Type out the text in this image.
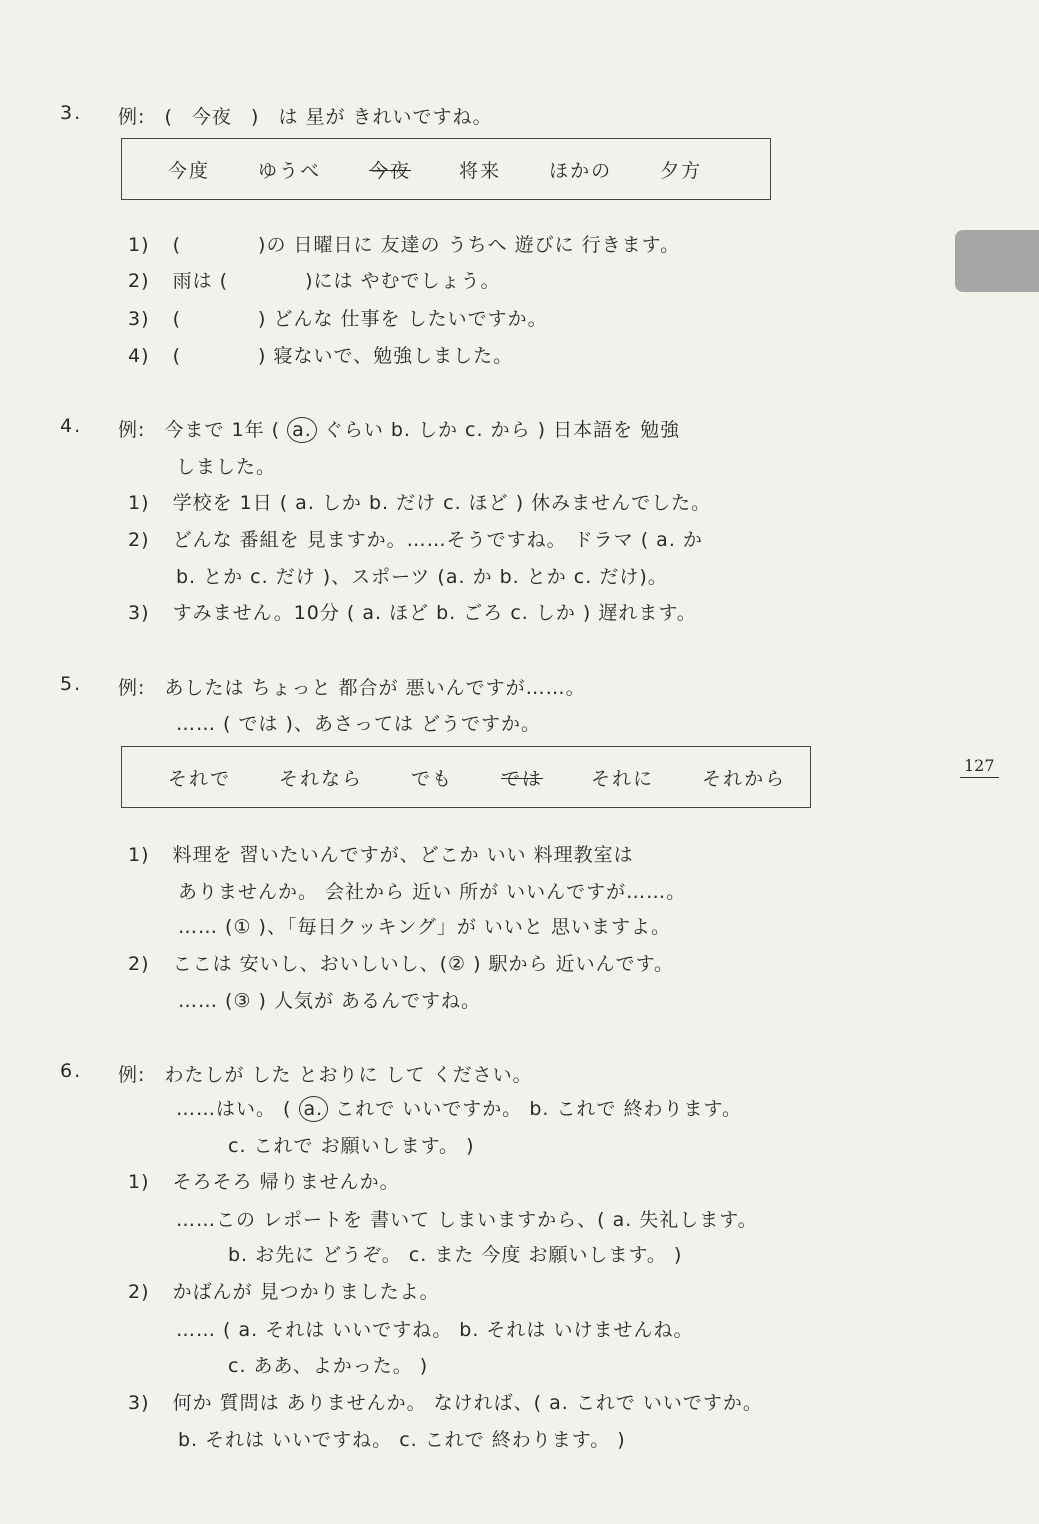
127
3. 例: ( 今夜 ) は 星が きれいですね。
今度	ゆうべ	今夜	将来	ほかの	夕方
1) (	)の 日曜日に 友達の うちへ 遊びに 行きます。
2) 雨は (	)には やむでしょう。
3) (	) どんな 仕事を したいですか。
4) (	) 寝ないで、勉強しました。
4. 例: 今まで 1年 ( a. ぐらい b. しか c. から ) 日本語を 勉強
しました。
1) 学校を 1日 ( a. しか b. だけ c. ほど ) 休みませんでした。
2) どんな 番組を 見ますか。……そうですね。 ドラマ ( a. か
b. とか c. だけ )、スポーツ (a. か b. とか c. だけ)。
3) すみません。10分 ( a. ほど b. ごろ c. しか ) 遅れます。
5. 例: あしたは ちょっと 都合が 悪いんですが……。
…… ( では )、あさっては どうですか。
それで	それなら	でも	では	それに	それから
1) 料理を 習いたいんですが、どこか いい 料理教室は
ありませんか。 会社から 近い 所が いいんですが……。
…… (① )、「毎日クッキング」が いいと 思いますよ。
2) ここは 安いし、おいしいし、(② ) 駅から 近いんです。
…… (③ ) 人気が あるんですね。
6. 例: わたしが した とおりに して ください。
……はい。 ( a. これで いいですか。 b. これで 終わります。
c. これで お願いします。 )
1) そろそろ 帰りませんか。
……この レポートを 書いて しまいますから、( a. 失礼します。
b. お先に どうぞ。 c. また 今度 お願いします。 )
2) かばんが 見つかりましたよ。
…… ( a. それは いいですね。 b. それは いけませんね。
c. ああ、よかった。 )
3) 何か 質問は ありませんか。 なければ、( a. これで いいですか。
b. それは いいですね。 c. これで 終わります。 )
